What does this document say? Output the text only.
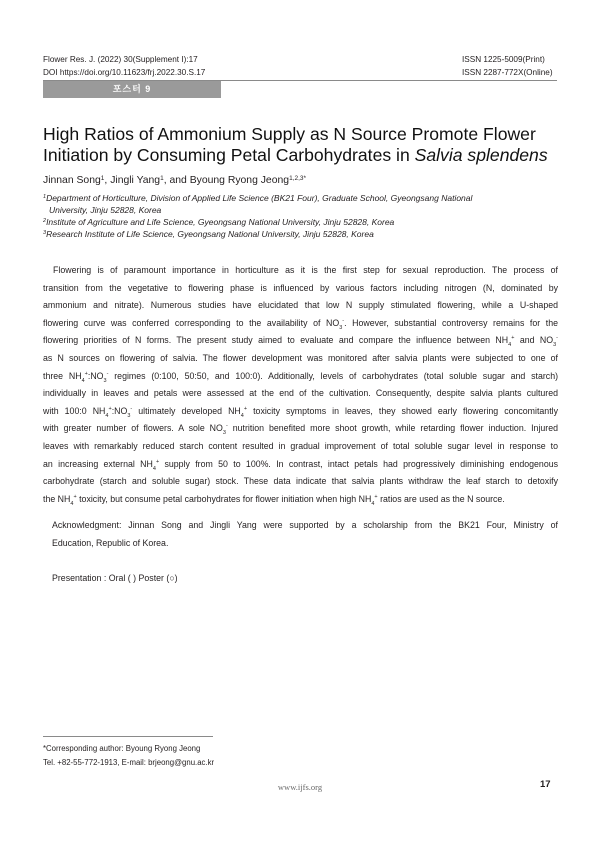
Flower Res. J. (2022) 30(Supplement I):17
DOI https://doi.org/10.11623/frj.2022.30.S.17
ISSN 1225-5009(Print)
ISSN 2287-772X(Online)
포스터 9
High Ratios of Ammonium Supply as N Source Promote Flower
Initiation by Consuming Petal Carbohydrates in Salvia splendens
Jinnan Song$^1$, Jingli Yang$^1$, and Byoung Ryong Jeong$^{1,2,3*}$
$^1$Department of Horticulture, Division of Applied Life Science (BK21 Four), Graduate School, Gyeongsang National
University, Jinju 52828, Korea
$^2$Institute of Agriculture and Life Science, Gyeongsang National University, Jinju 52828, Korea
$^3$Research Institute of Life Science, Gyeongsang National University, Jinju 52828, Korea
Flowering is of paramount importance in horticulture as it is the first step for sexual reproduction. The process of
transition from the vegetative to flowering phase is influenced by various factors including nitrogen (N, dominated by
ammonium and nitrate). Numerous studies have elucidated that low N supply stimulated flowering, while a U-shaped
flowering curve was conferred corresponding to the availability of $NO_3^-$. However, substantial controversy remains for the
flowering priorities of N forms. The present study aimed to evaluate and compare the influence between $NH_4^+$ and $NO_3^-$
as N sources on flowering of salvia. The flower development was monitored after salvia plants were subjected to one of
three $NH_4^+:NO_3^-$ regimes (0:100, 50:50, and 100:0). Additionally, levels of carbohydrates (total soluble sugar and starch)
individually in leaves and petals were assessed at the end of the cultivation. Consequently, despite salvia plants cultured
with 100:0 $NH_4^+:NO_3^-$ ultimately developed $NH_4^+$ toxicity symptoms in leaves, they showed early flowering concomitantly
with greater number of flowers. A sole $NO_3^-$ nutrition benefited more shoot growth, while retarding flower induction. Injured
leaves with remarkably reduced starch content resulted in gradual improvement of total soluble sugar level in response to
an increasing external $NH_4^+$ supply from 50 to 100%. In contrast, intact petals had progressively diminishing endogenous
carbohydrate (starch and soluble sugar) stock. These data indicate that salvia plants withdraw the leaf starch to detoxify
the $NH_4^+$ toxicity, but consume petal carbohydrates for flower initiation when high $NH_4^+$ ratios are used as the N source.
Acknowledgment: Jinnan Song and Jingli Yang were supported by a scholarship from the BK21 Four, Ministry of
Education, Republic of Korea.
Presentation : Oral ( ) Poster (○)
*Corresponding author: Byoung Ryong Jeong
Tel. +82-55-772-1913, E-mail: brjeong@gnu.ac.kr
www.ijfs.org	17
